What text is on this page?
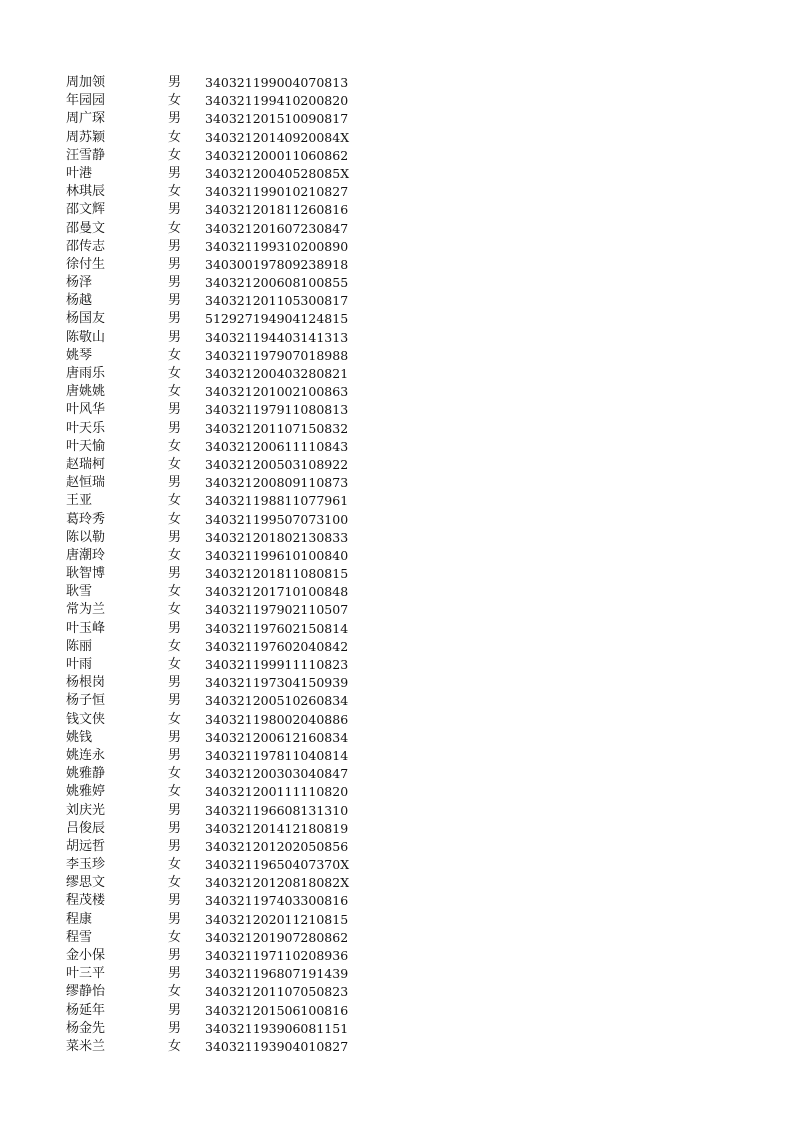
周加领	男	340321199004070813
年园园	女	340321199410200820
周广琛	男	340321201510090817
周苏颖	女	34032120140920084X
汪雪静	女	340321200011060862
叶港	男	34032120040528085X
林琪辰	女	340321199010210827
邵文辉	男	340321201811260816
邵曼文	女	340321201607230847
邵传志	男	340321199310200890
徐付生	男	340300197809238918
杨泽	男	340321200608100855
杨越	男	340321201105300817
杨国友	男	512927194904124815
陈敬山	男	340321194403141313
姚琴	女	340321197907018988
唐雨乐	女	340321200403280821
唐姚姚	女	340321201002100863
叶风华	男	340321197911080813
叶天乐	男	340321201107150832
叶天愉	女	340321200611110843
赵瑞柯	女	340321200503108922
赵恒瑞	男	340321200809110873
王亚	女	340321198811077961
葛玲秀	女	340321199507073100
陈以勒	男	340321201802130833
唐潮玲	女	340321199610100840
耿智博	男	340321201811080815
耿雪	女	340321201710100848
常为兰	女	340321197902110507
叶玉峰	男	340321197602150814
陈丽	女	340321197602040842
叶雨	女	340321199911110823
杨根岗	男	340321197304150939
杨子恒	男	340321200510260834
钱文侠	女	340321198002040886
姚钱	男	340321200612160834
姚连永	男	340321197811040814
姚雅静	女	340321200303040847
姚雅婷	女	340321200111110820
刘庆光	男	340321196608131310
吕俊辰	男	340321201412180819
胡远哲	男	340321201202050856
李玉珍	女	34032119650407370X
缪思文	女	34032120120818082X
程茂楼	男	340321197403300816
程康	男	340321202011210815
程雪	女	340321201907280862
金小保	男	340321197110208936
叶三平	男	340321196807191439
缪静怡	女	340321201107050823
杨延年	男	340321201506100816
杨金先	男	340321193906081151
菜米兰	女	340321193904010827
